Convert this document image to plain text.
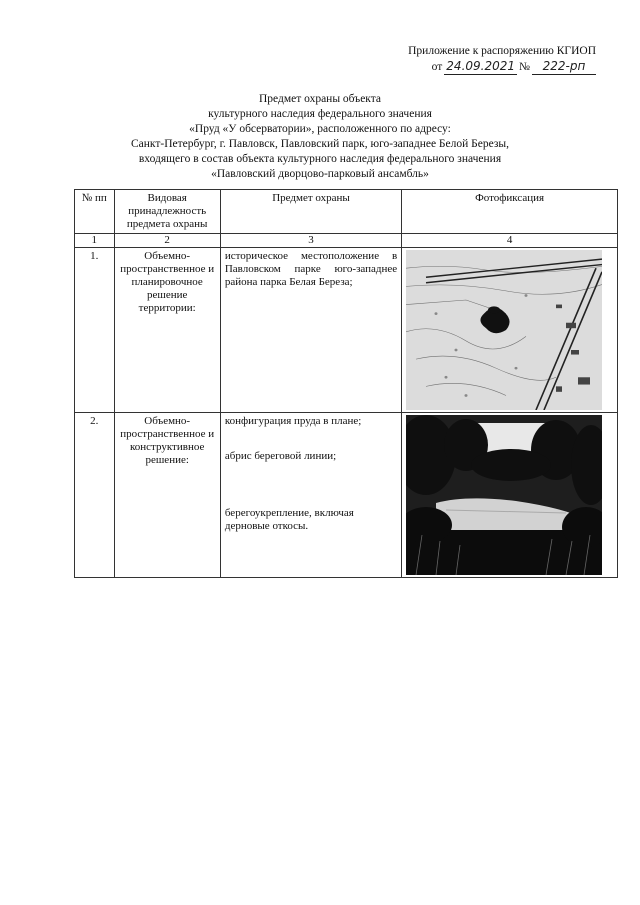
Приложение к распоряжению КГИОП
от 24.09.2021 №	222-рп
Предмет охраны объекта
культурного наследия федерального значения
«Пруд «У обсерватории», расположенного по адресу:
Санкт-Петербург, г. Павловск, Павловский парк, юго-западнее Белой Березы,
входящего в состав объекта культурного наследия федерального значения
«Павловский дворцово-парковый ансамбль»
№ пп	Видовая принадлежность предмета охраны	Предмет охраны	Фотофиксация
1	2	3	4
1.	Объемно-пространственное и планировочное решение территории:	историческое местоположение в Павловском парке юго-западнее района парка Белая Береза;	

2.	Объемно-пространственное и конструктивное решение:	конфигурация пруда в плане;
абрис береговой линии;
берегоукрепление, включая
дерновые откосы.
